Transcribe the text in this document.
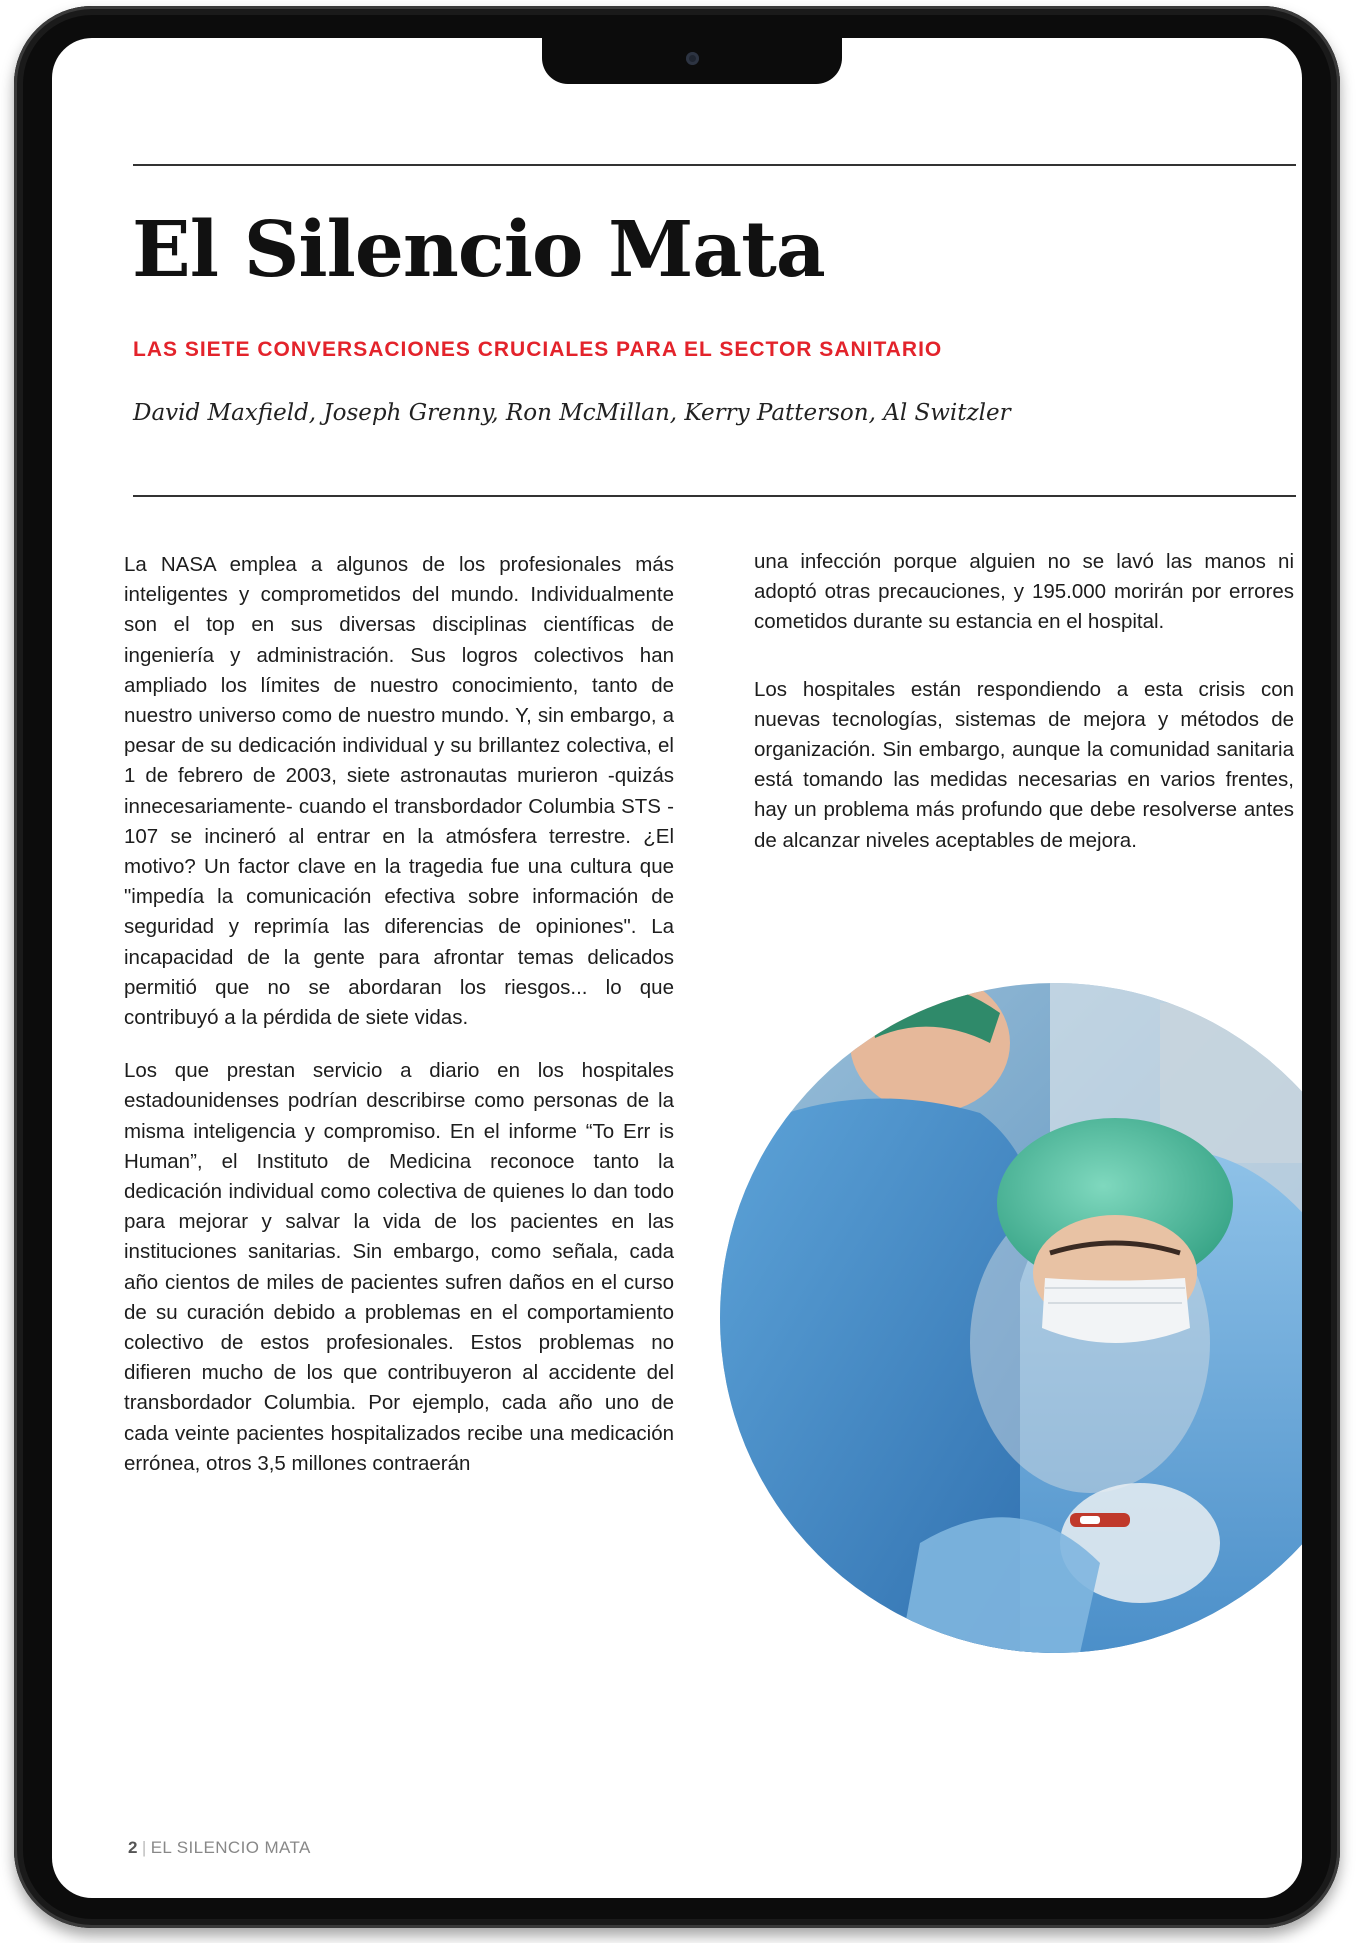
El Silencio Mata
LAS SIETE CONVERSACIONES CRUCIALES PARA EL SECTOR SANITARIO
David Maxfield, Joseph Grenny, Ron McMillan, Kerry Patterson, Al Switzler

La NASA emplea a algunos de los profesionales más inteligentes y comprometidos del mundo. Individualmente son el top en sus diversas disciplinas científicas de ingeniería y administración. Sus logros colectivos han ampliado los límites de nuestro conocimiento, tanto de nuestro universo como de nuestro mundo. Y, sin embargo, a pesar de su dedicación individual y su brillantez colectiva, el 1 de febrero de 2003, siete astronautas murieron -quizás innecesariamente- cuando el transbordador Columbia STS - 107 se incineró al entrar en la atmósfera terrestre. ¿El motivo? Un factor clave en la tragedia fue una cultura que "impedía la comunicación efectiva sobre información de seguridad y reprimía las diferencias de opiniones". La incapacidad de la gente para afrontar temas delicados permitió que no se abordaran los riesgos... lo que contribuyó a la pérdida de siete vidas.

Los que prestan servicio a diario en los hospitales estadounidenses podrían describirse como personas de la misma inteligencia y compromiso. En el informe “To Err is Human”, el Instituto de Medicina reconoce tanto la dedicación individual como colectiva de quienes lo dan todo para mejorar y salvar la vida de los pacientes en las instituciones sanitarias. Sin embargo, como señala, cada año cientos de miles de pacientes sufren daños en el curso de su curación debido a problemas en el comportamiento colectivo de estos profesionales. Estos problemas no difieren mucho de los que contribuyeron al accidente del transbordador Columbia. Por ejemplo, cada año uno de cada veinte pacientes hospitalizados recibe una medicación errónea, otros 3,5 millones contraerán

una infección porque alguien no se lavó las manos ni adoptó otras precauciones, y 195.000 morirán por errores cometidos durante su estancia en el hospital.

Los hospitales están respondiendo a esta crisis con nuevas tecnologías, sistemas de mejora y métodos de organización. Sin embargo, aunque la comunidad sanitaria está tomando las medidas necesarias en varios frentes, hay un problema más profundo que debe resolverse antes de alcanzar niveles aceptables de mejora.

2 | EL SILENCIO MATA
